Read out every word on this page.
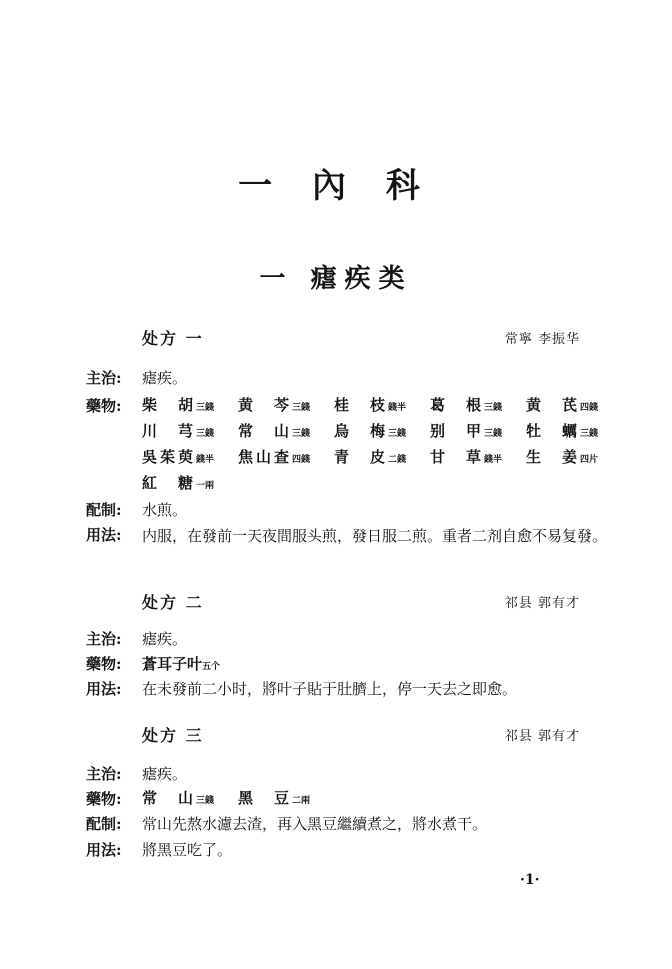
一 內 科
一 瘧疾类
处方 一	常寧 李振华
主治:	瘧疾。
藥物:	柴　胡三錢 黄　芩三錢 桂　枝錢半 葛　根三錢 黄　芪四錢
川　芎三錢 常　山三錢 烏　梅三錢 别　甲三錢 牡　蠣三錢
吳茱萸錢半 焦山查四錢 青　皮二錢 甘　草錢半 生　姜四片
紅　糖一兩
配制:	水煎。
用法:	内服，在發前一天夜間服头煎，發日服二煎。重者二剂自愈不易复發。
处方 二	祁县 郭有才
主治:	瘧疾。
藥物:	蒼耳子叶五个
用法:	在未發前二小时，將叶子貼于肚臍上，停一天去之即愈。
处方 三	祁县 郭有才
主治:	瘧疾。
藥物:	常　山三錢 黑　豆二兩
配制:	常山先熬水濾去渣，再入黑豆繼續煮之，將水煮干。
用法:	將黑豆吃了。
·1·
